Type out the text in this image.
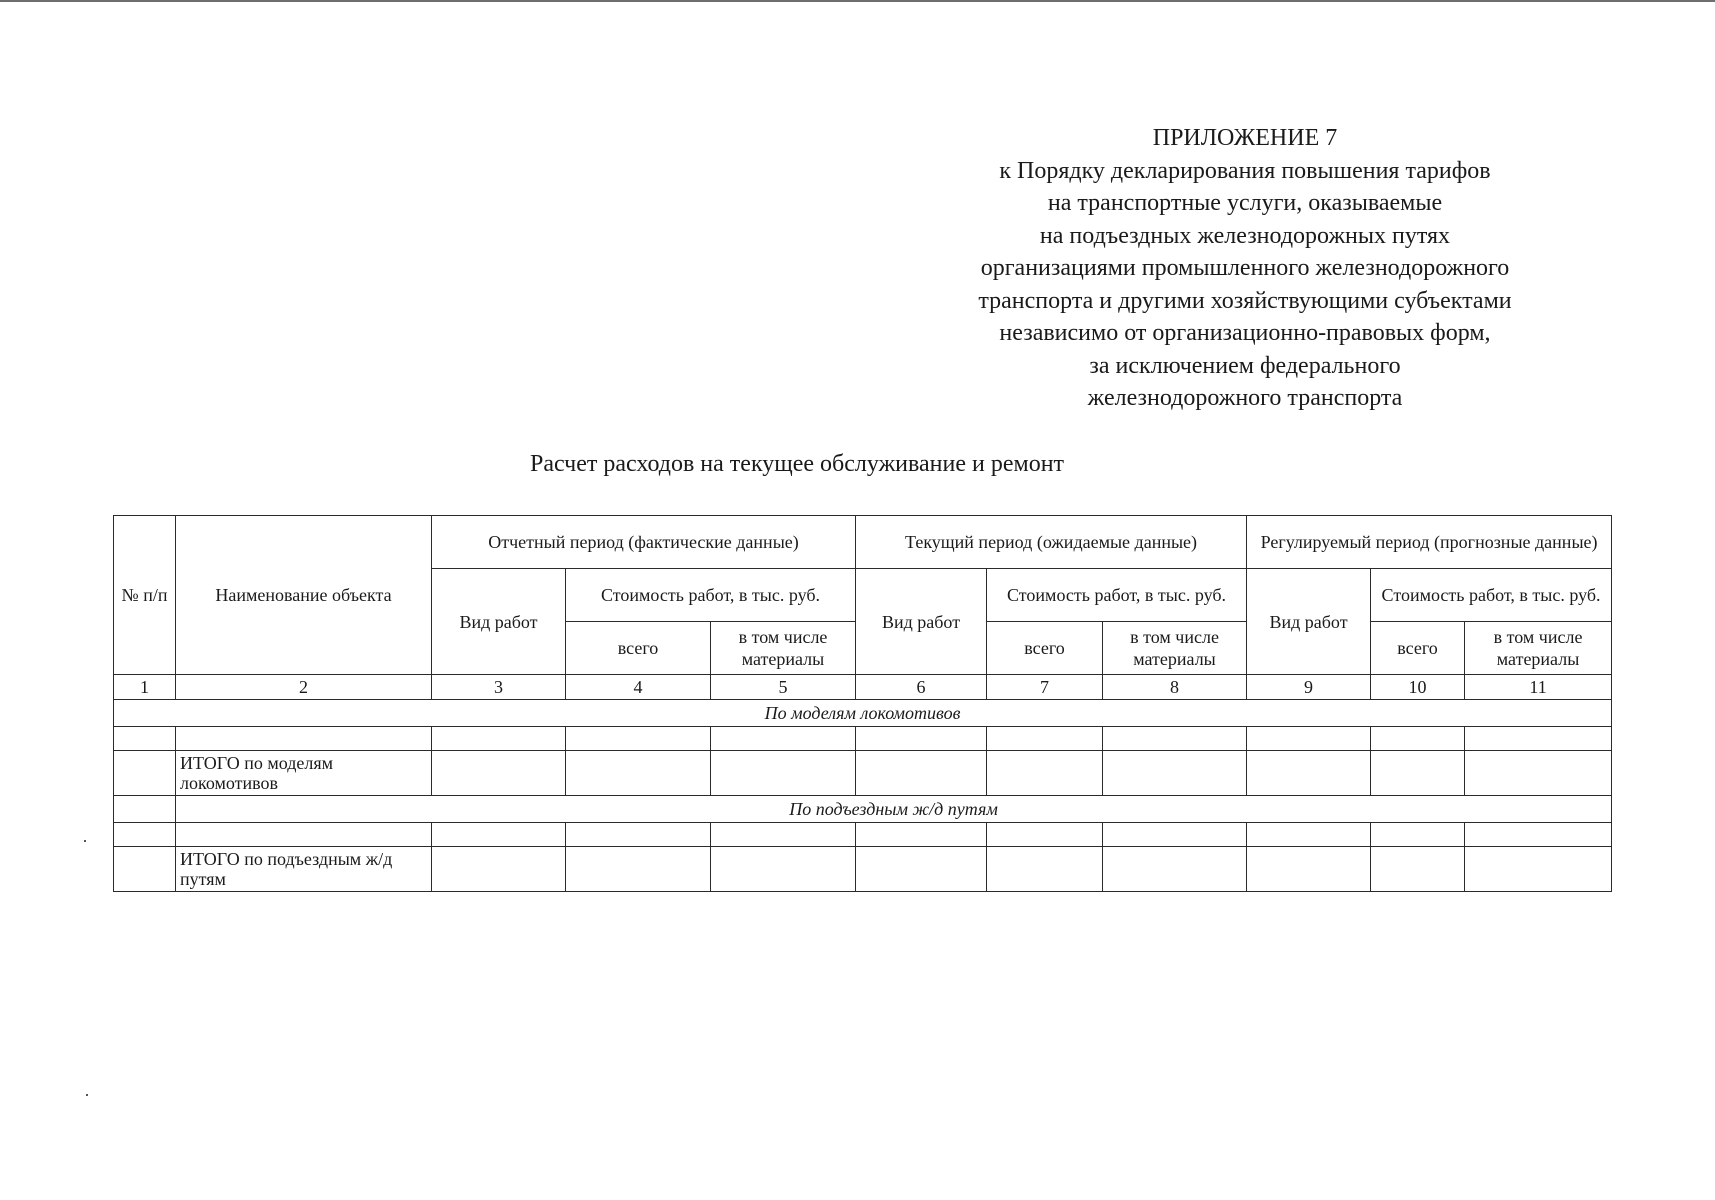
ПРИЛОЖЕНИЕ 7
к Порядку декларирования повышения тарифов
на транспортные услуги, оказываемые
на подъездных железнодорожных путях
организациями промышленного железнодорожного
транспорта и другими хозяйствующими субъектами
независимо от организационно-правовых форм,
за исключением федерального
железнодорожного транспорта
Расчет расходов на текущее обслуживание и ремонт
№ п/п	Наименование объекта	Отчетный период (фактические данные)			Текущий период (ожидаемые данные)			Регулируемый период (прогнозные данные)		
		Вид работ	Стоимость работ, в тыс. руб.		Вид работ	Стоимость работ, в тыс. руб.		Вид работ	Стоимость работ, в тыс. руб.	
			всего	в том числе материалы		всего	в том числе материалы		всего	в том числе материалы
1	2	3	4	5	6	7	8	9	10	11
По моделям локомотивов										

	ИТОГО по моделям локомотивов									
	По подъездным ж/д путям									

	ИТОГО по подъездным ж/д путям									
